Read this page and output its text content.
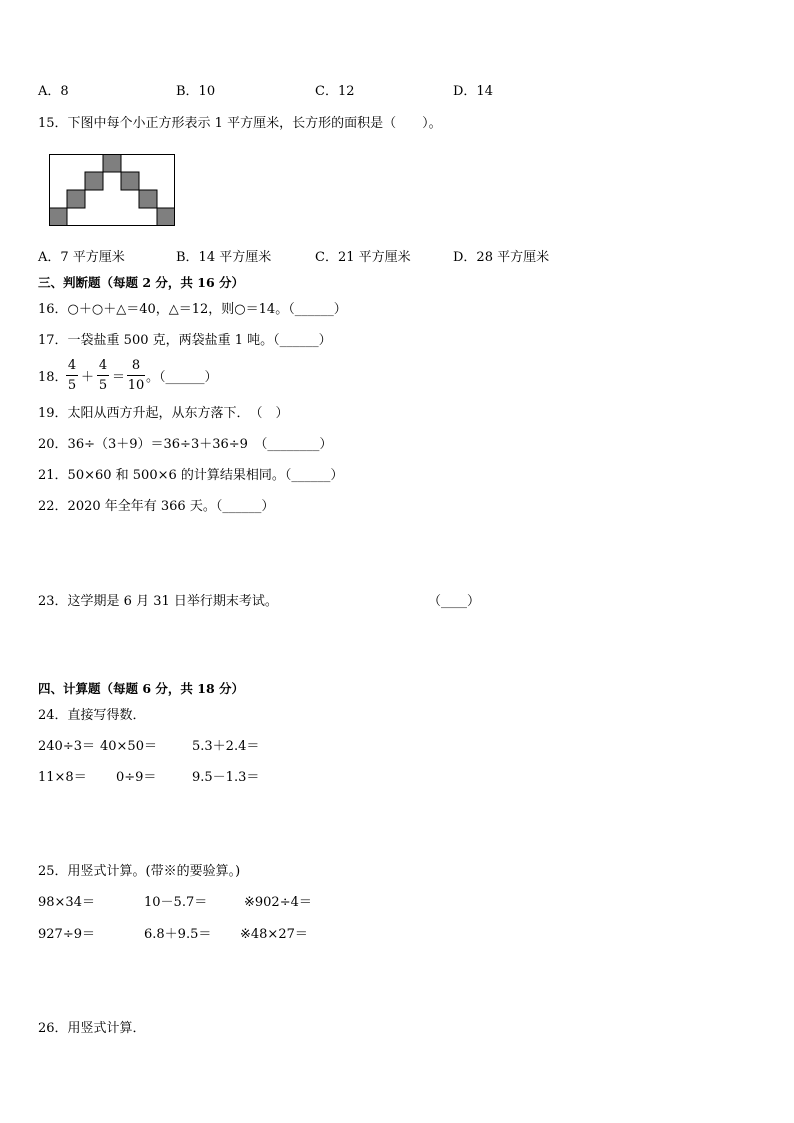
A．8	B．10	C．12	D．14
15．下图中每个小正方形表示 1 平方厘米，长方形的面积是（　　）。
A．7 平方厘米	B．14 平方厘米	C．21 平方厘米	D．28 平方厘米
三、判断题（每题 2 分，共 16 分）
16．○＋○＋△＝40，△＝12，则○＝14。（______）
17．一袋盐重 500 克，两袋盐重 1 吨。（______）
18．
4
5
＋
4
5
＝
8
10
。（______）
19．太阳从西方升起，从东方落下．　（　）
20．36÷（3＋9）＝36÷3＋36÷9　（________）
21．50×60 和 500×6 的计算结果相同。（______）
22．2020 年全年有 366 天。（______）
23．这学期是 6 月 31 日举行期末考试。	（____）
四、计算题（每题 6 分，共 18 分）
24．直接写得数．
240÷3＝ 40×50＝	5.3＋2.4＝
11×8＝ 0÷9＝	9.5－1.3＝
25．用竖式计算。(带※的要验算。)
98×34＝	10－5.7＝	※902÷4＝
927÷9＝	6.8＋9.5＝ ※48×27＝
26．用竖式计算．
